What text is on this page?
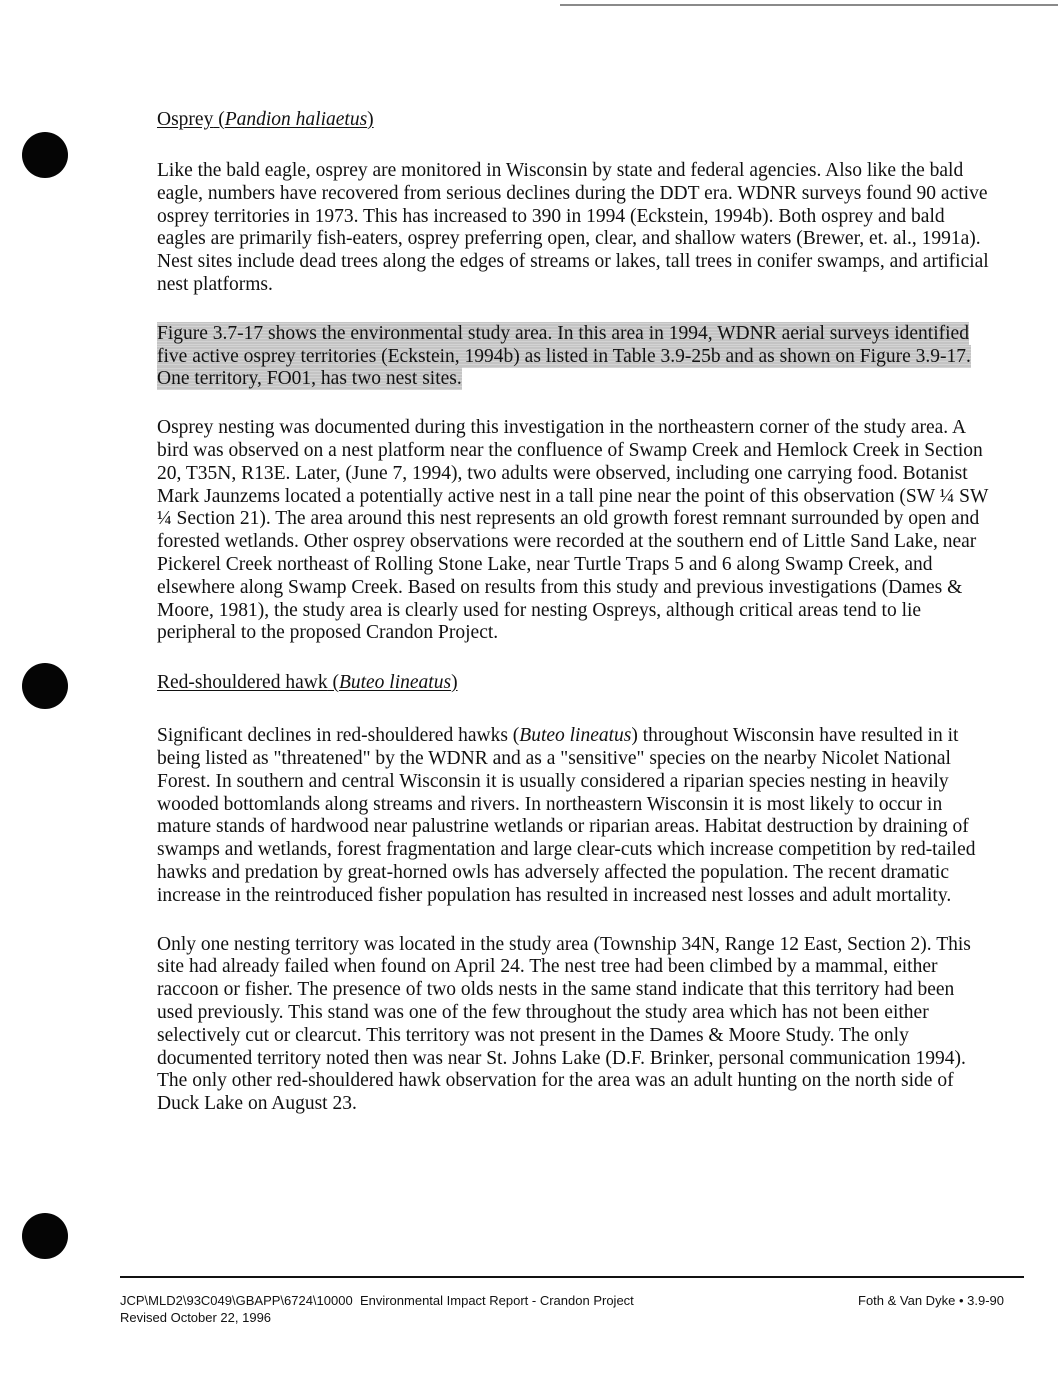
Osprey (Pandion haliaetus)

Like the bald eagle, osprey are monitored in Wisconsin by state and federal agencies. Also like the bald eagle, numbers have recovered from serious declines during the DDT era. WDNR surveys found 90 active osprey territories in 1973. This has increased to 390 in 1994 (Eckstein, 1994b). Both osprey and bald eagles are primarily fish-eaters, osprey preferring open, clear, and shallow waters (Brewer, et. al., 1991a). Nest sites include dead trees along the edges of streams or lakes, tall trees in conifer swamps, and artificial nest platforms.

Figure 3.7-17 shows the environmental study area. In this area in 1994, WDNR aerial surveys identified five active osprey territories (Eckstein, 1994b) as listed in Table 3.9-25b and as shown on Figure 3.9-17. One territory, FO01, has two nest sites.

Osprey nesting was documented during this investigation in the northeastern corner of the study area. A bird was observed on a nest platform near the confluence of Swamp Creek and Hemlock Creek in Section 20, T35N, R13E. Later, (June 7, 1994), two adults were observed, including one carrying food. Botanist Mark Jaunzems located a potentially active nest in a tall pine near the point of this observation (SW ¼ SW ¼ Section 21). The area around this nest represents an old growth forest remnant surrounded by open and forested wetlands. Other osprey observations were recorded at the southern end of Little Sand Lake, near Pickerel Creek northeast of Rolling Stone Lake, near Turtle Traps 5 and 6 along Swamp Creek, and elsewhere along Swamp Creek. Based on results from this study and previous investigations (Dames & Moore, 1981), the study area is clearly used for nesting Ospreys, although critical areas tend to lie peripheral to the proposed Crandon Project.

Red-shouldered hawk (Buteo lineatus)

Significant declines in red-shouldered hawks (Buteo lineatus) throughout Wisconsin have resulted in it being listed as "threatened" by the WDNR and as a "sensitive" species on the nearby Nicolet National Forest. In southern and central Wisconsin it is usually considered a riparian species nesting in heavily wooded bottomlands along streams and rivers. In northeastern Wisconsin it is most likely to occur in mature stands of hardwood near palustrine wetlands or riparian areas. Habitat destruction by draining of swamps and wetlands, forest fragmentation and large clear-cuts which increase competition by red-tailed hawks and predation by great-horned owls has adversely affected the population. The recent dramatic increase in the reintroduced fisher population has resulted in increased nest losses and adult mortality.

Only one nesting territory was located in the study area (Township 34N, Range 12 East, Section 2). This site had already failed when found on April 24. The nest tree had been climbed by a mammal, either raccoon or fisher. The presence of two olds nests in the same stand indicate that this territory had been used previously. This stand was one of the few throughout the study area which has not been either selectively cut or clearcut. This territory was not present in the Dames & Moore Study. The only documented territory noted then was near St. Johns Lake (D.F. Brinker, personal communication 1994). The only other red-shouldered hawk observation for the area was an adult hunting on the north side of Duck Lake on August 23.

JCP\MLD2\93C049\GBAPP\6724\10000 Environmental Impact Report - Crandon Project
Revised October 22, 1996
Foth & Van Dyke • 3.9-90
